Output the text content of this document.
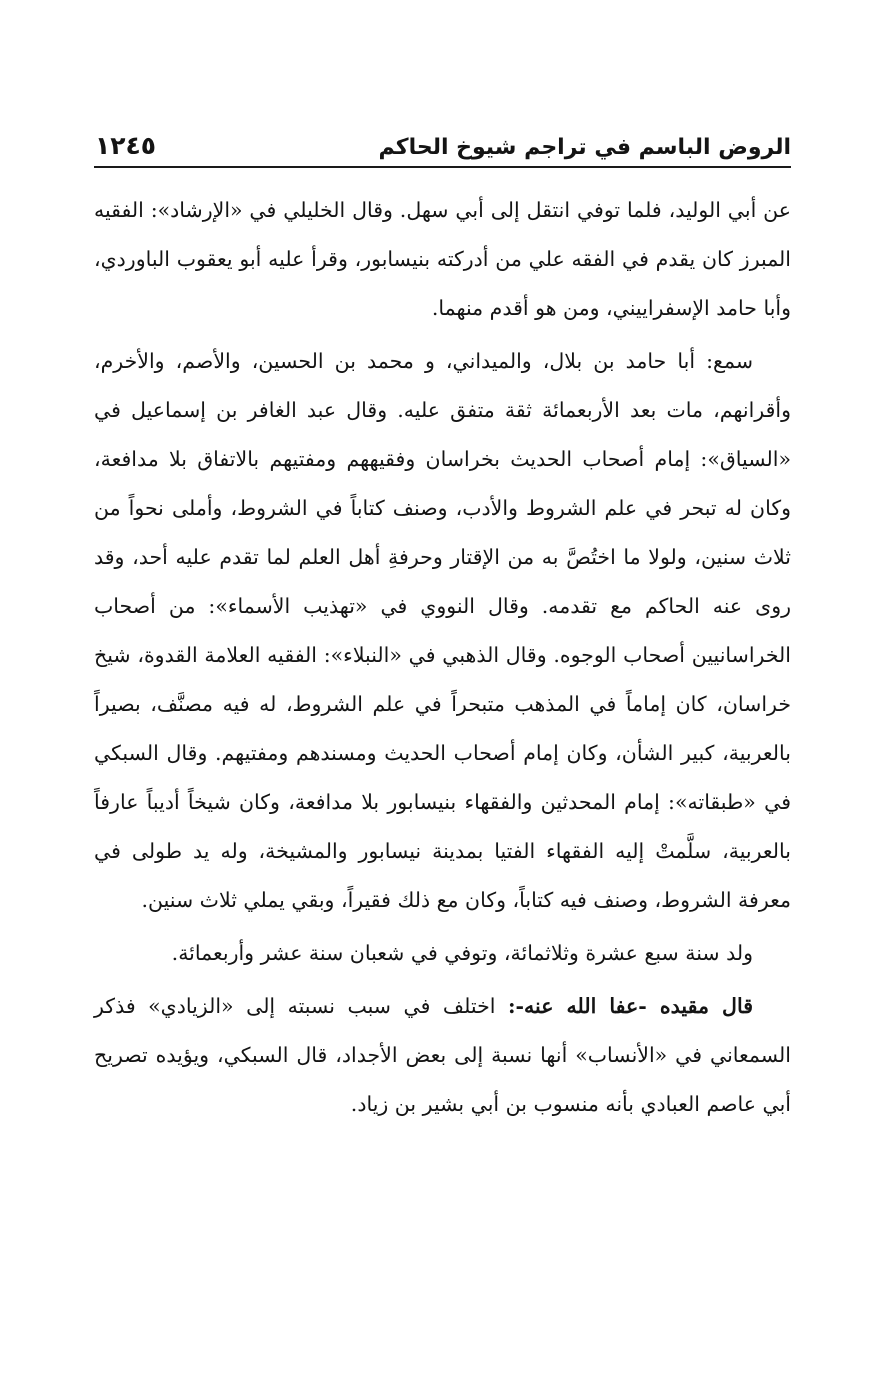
الروض الباسم في تراجم شيوخ الحاكم
١٢٤٥

عن أبي الوليد، فلما توفي انتقل إلى أبي سهل. وقال الخليلي في «الإرشاد»: الفقيه المبرز كان يقدم في الفقه علي من أدركته بنيسابور، وقرأ عليه أبو يعقوب الباوردي، وأبا حامد الإسفراييني، ومن هو أقدم منهما.

سمع: أبا حامد بن بلال، والميداني، و محمد بن الحسين، والأصم، والأخرم، وأقرانهم، مات بعد الأربعمائة ثقة متفق عليه. وقال عبد الغافر بن إسماعيل في «السياق»: إمام أصحاب الحديث بخراسان وفقيههم ومفتيهم بالاتفاق بلا مدافعة، وكان له تبحر في علم الشروط والأدب، وصنف كتاباً في الشروط، وأملى نحواً من ثلاث سنين، ولولا ما اختُصَّ به من الإقتار وحرفةِ أهل العلم لما تقدم عليه أحد، وقد روى عنه الحاكم مع تقدمه. وقال النووي في «تهذيب الأسماء»: من أصحاب الخراسانيين أصحاب الوجوه. وقال الذهبي في «النبلاء»: الفقيه العلامة القدوة، شيخ خراسان، كان إماماً في المذهب متبحراً في علم الشروط، له فيه مصنَّف، بصيراً بالعربية، كبير الشأن، وكان إمام أصحاب الحديث ومسندهم ومفتيهم. وقال السبكي في «طبقاته»: إمام المحدثين والفقهاء بنيسابور بلا مدافعة، وكان شيخاً أديباً عارفاً بالعربية، سلَّمتْ إليه الفقهاء الفتيا بمدينة نيسابور والمشيخة، وله يد طولى في معرفة الشروط، وصنف فيه كتاباً، وكان مع ذلك فقيراً، وبقي يملي ثلاث سنين.

ولد سنة سبع عشرة وثلاثمائة، وتوفي في شعبان سنة عشر وأربعمائة.

قال مقيده -عفا الله عنه-: اختلف في سبب نسبته إلى «الزيادي» فذكر السمعاني في «الأنساب» أنها نسبة إلى بعض الأجداد، قال السبكي، ويؤيده تصريح أبي عاصم العبادي بأنه منسوب بن أبي بشير بن زياد.
